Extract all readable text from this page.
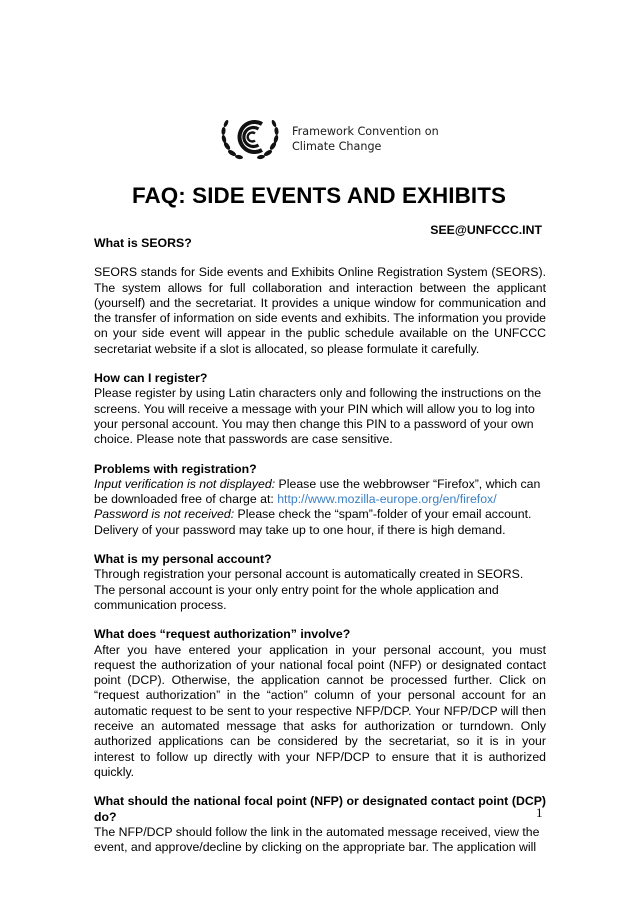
Framework Convention on
Climate Change
FAQ: SIDE EVENTS AND EXHIBITS
SEE@UNFCCC.INT

What is SEORS?

SEORS stands for Side events and Exhibits Online Registration System (SEORS). The system allows for full collaboration and interaction between the applicant (yourself) and the secretariat. It provides a unique window for communication and the transfer of information on side events and exhibits. The information you provide on your side event will appear in the public schedule available on the UNFCCC secretariat website if a slot is allocated, so please formulate it carefully.

How can I register?

Please register by using Latin characters only and following the instructions on the screens. You will receive a message with your PIN which will allow you to log into your personal account. You may then change this PIN to a password of your own choice. Please note that passwords are case sensitive.

Problems with registration?

Input verification is not displayed: Please use the webbrowser “Firefox”, which can be downloaded free of charge at: http://www.mozilla-europe.org/en/firefox/

Password is not received: Please check the “spam”-folder of your email account. Delivery of your password may take up to one hour, if there is high demand.

What is my personal account?

Through registration your personal account is automatically created in SEORS. The personal account is your only entry point for the whole application and communication process.

What does “request authorization” involve?

After you have entered your application in your personal account, you must request the authorization of your national focal point (NFP) or designated contact point (DCP). Otherwise, the application cannot be processed further. Click on “request authorization” in the “action” column of your personal account for an automatic request to be sent to your respective NFP/DCP. Your NFP/DCP will then receive an automated message that asks for authorization or turndown. Only authorized applications can be considered by the secretariat, so it is in your interest to follow up directly with your NFP/DCP to ensure that it is authorized quickly.

What should the national focal point (NFP) or designated contact point (DCP) do?

The NFP/DCP should follow the link in the automated message received, view the event, and approve/decline by clicking on the appropriate bar. The application will

1
